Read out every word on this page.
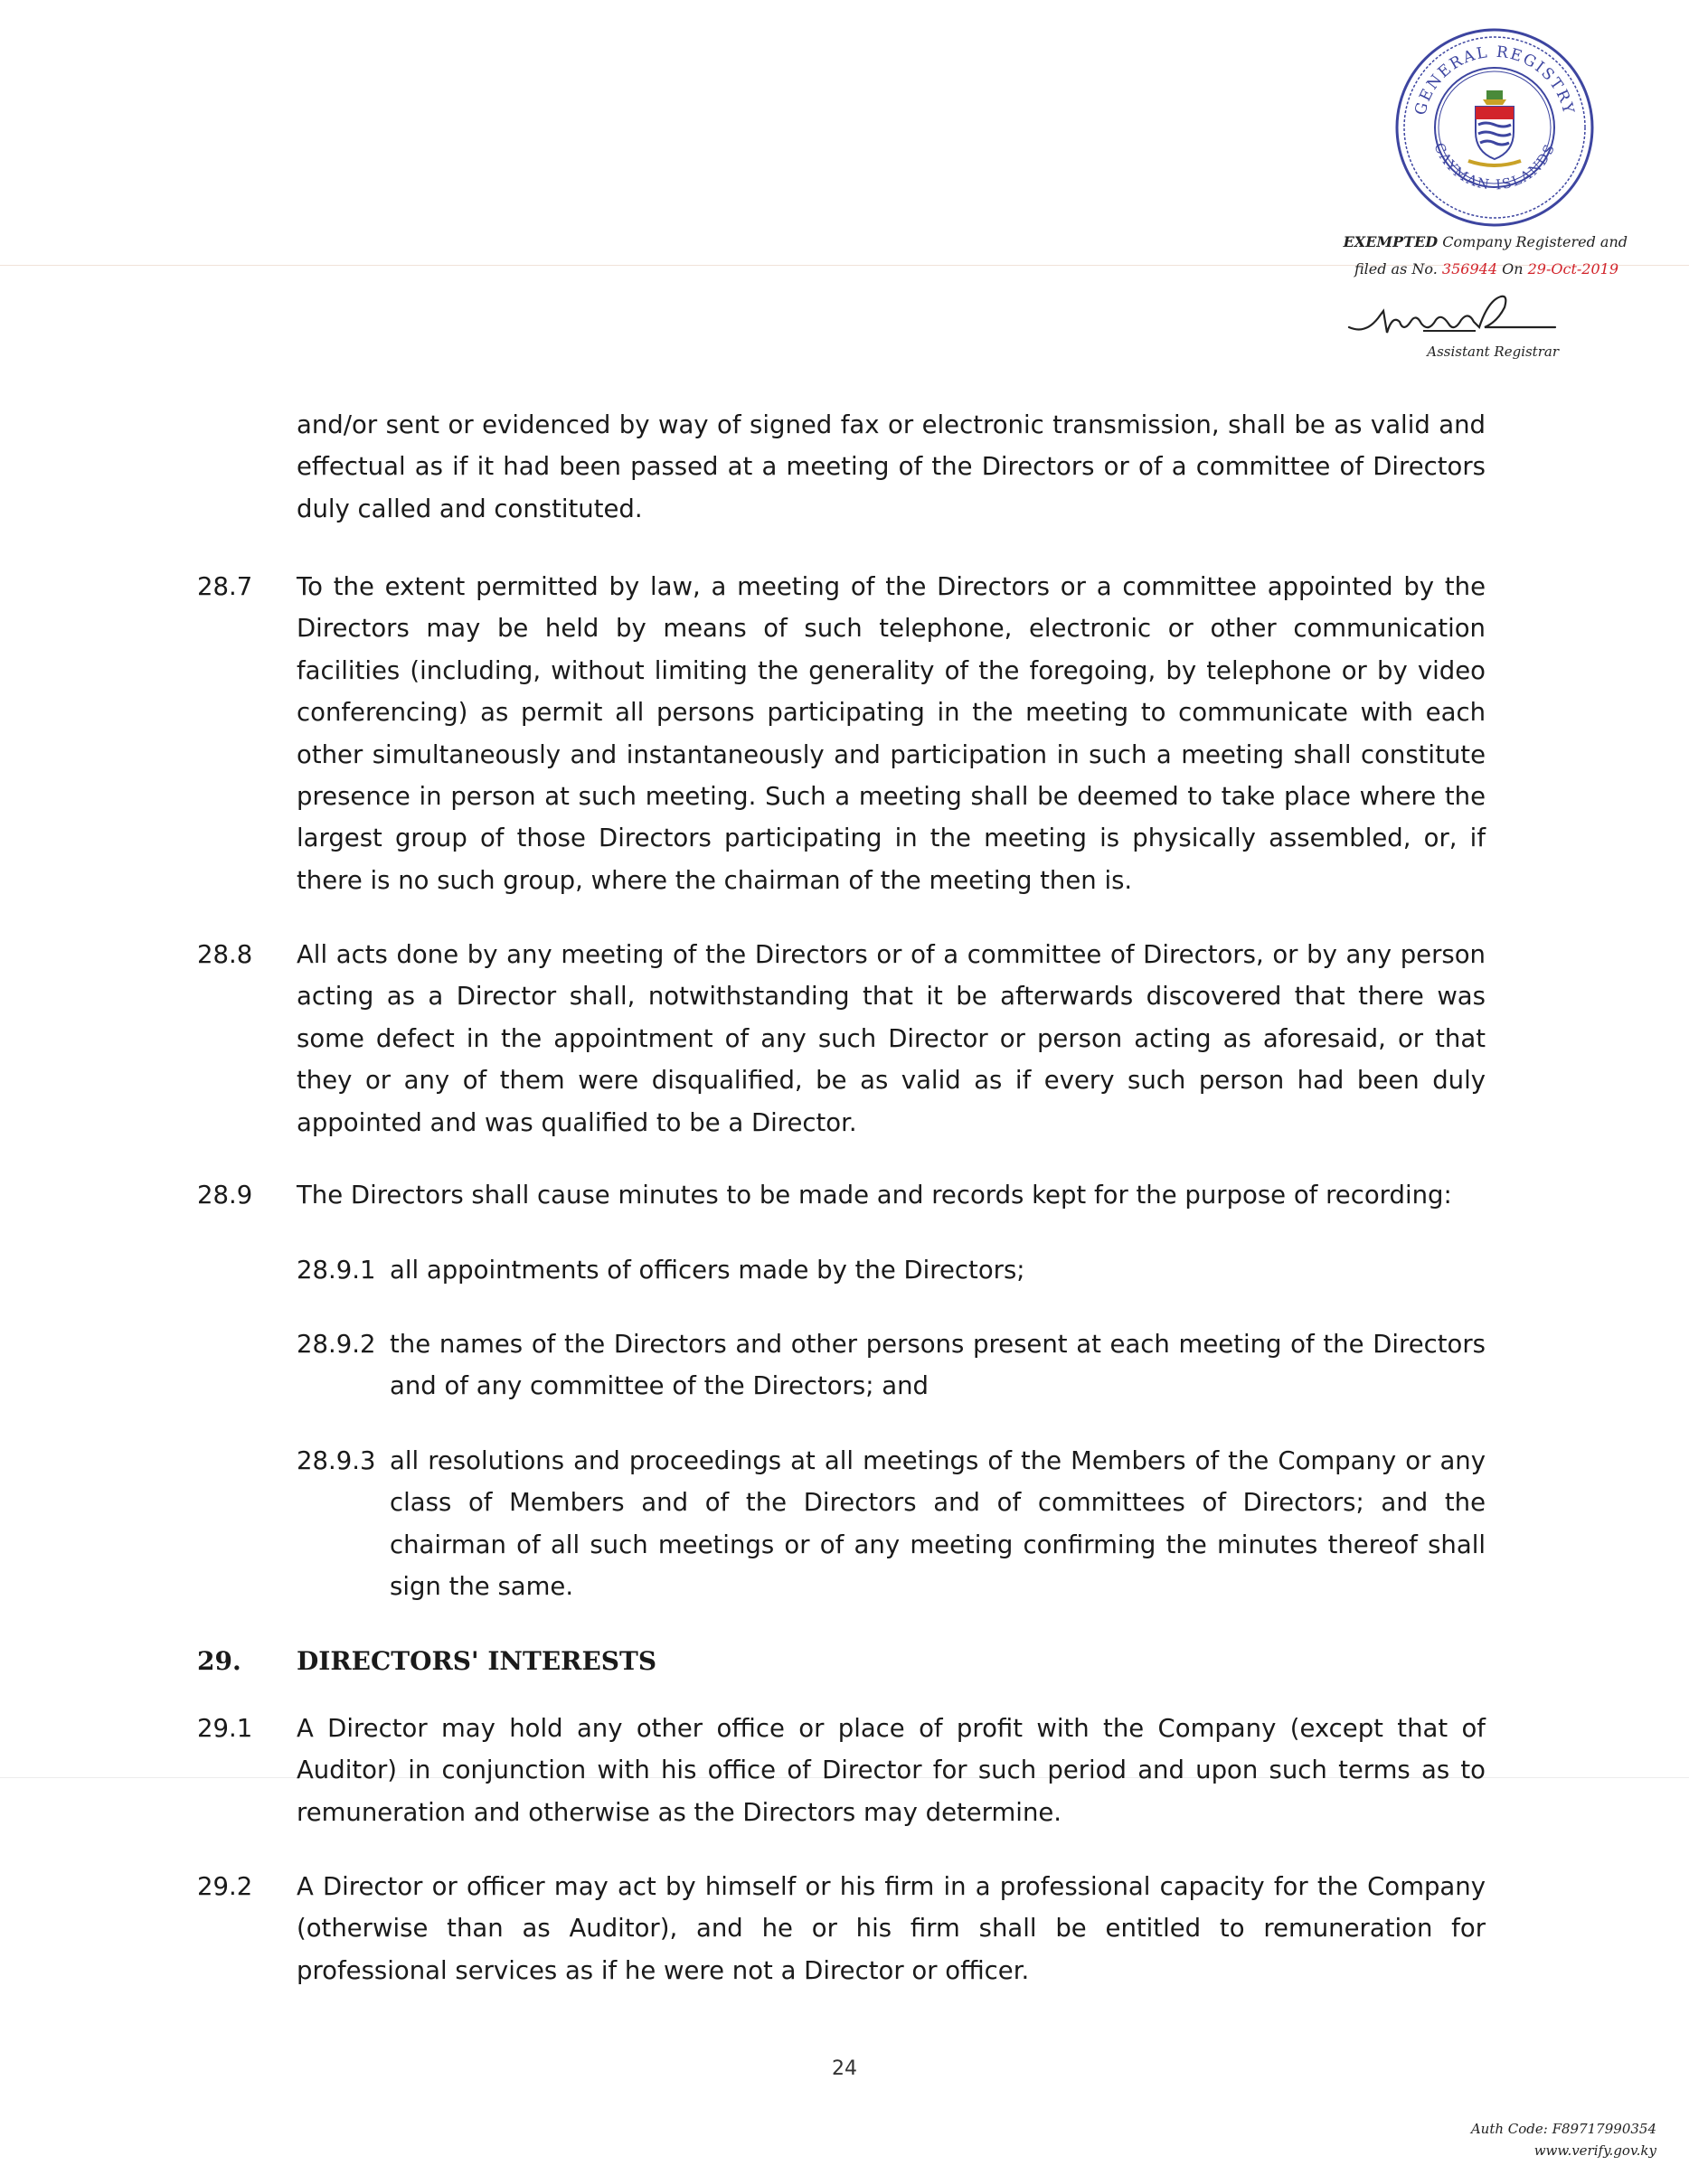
GENERAL REGISTRY
CAYMAN ISLANDS
EXEMPTED Company Registered and
filed as No. 356944 On 29-Oct-2019
Assistant Registrar
and/or sent or evidenced by way of signed fax or electronic transmission, shall be as valid and effectual as if it had been passed at a meeting of the Directors or of a committee of Directors duly called and constituted.
28.7	To the extent permitted by law, a meeting of the Directors or a committee appointed by the Directors may be held by means of such telephone, electronic or other communication facilities (including, without limiting the generality of the foregoing, by telephone or by video conferencing) as permit all persons participating in the meeting to communicate with each other simultaneously and instantaneously and participation in such a meeting shall constitute presence in person at such meeting. Such a meeting shall be deemed to take place where the largest group of those Directors participating in the meeting is physically assembled, or, if there is no such group, where the chairman of the meeting then is.
28.8	All acts done by any meeting of the Directors or of a committee of Directors, or by any person acting as a Director shall, notwithstanding that it be afterwards discovered that there was some defect in the appointment of any such Director or person acting as aforesaid, or that they or any of them were disqualified, be as valid as if every such person had been duly appointed and was qualified to be a Director.
28.9	The Directors shall cause minutes to be made and records kept for the purpose of recording:
28.9.1 all appointments of officers made by the Directors;
28.9.2 the names of the Directors and other persons present at each meeting of the Directors and of any committee of the Directors; and
28.9.3 all resolutions and proceedings at all meetings of the Members of the Company or any class of Members and of the Directors and of committees of Directors; and the chairman of all such meetings or of any meeting confirming the minutes thereof shall sign the same.
29.	DIRECTORS' INTERESTS
29.1	A Director may hold any other office or place of profit with the Company (except that of Auditor) in conjunction with his office of Director for such period and upon such terms as to remuneration and otherwise as the Directors may determine.
29.2	A Director or officer may act by himself or his firm in a professional capacity for the Company (otherwise than as Auditor), and he or his firm shall be entitled to remuneration for professional services as if he were not a Director or officer.
24
Auth Code: F89717990354
www.verify.gov.ky
